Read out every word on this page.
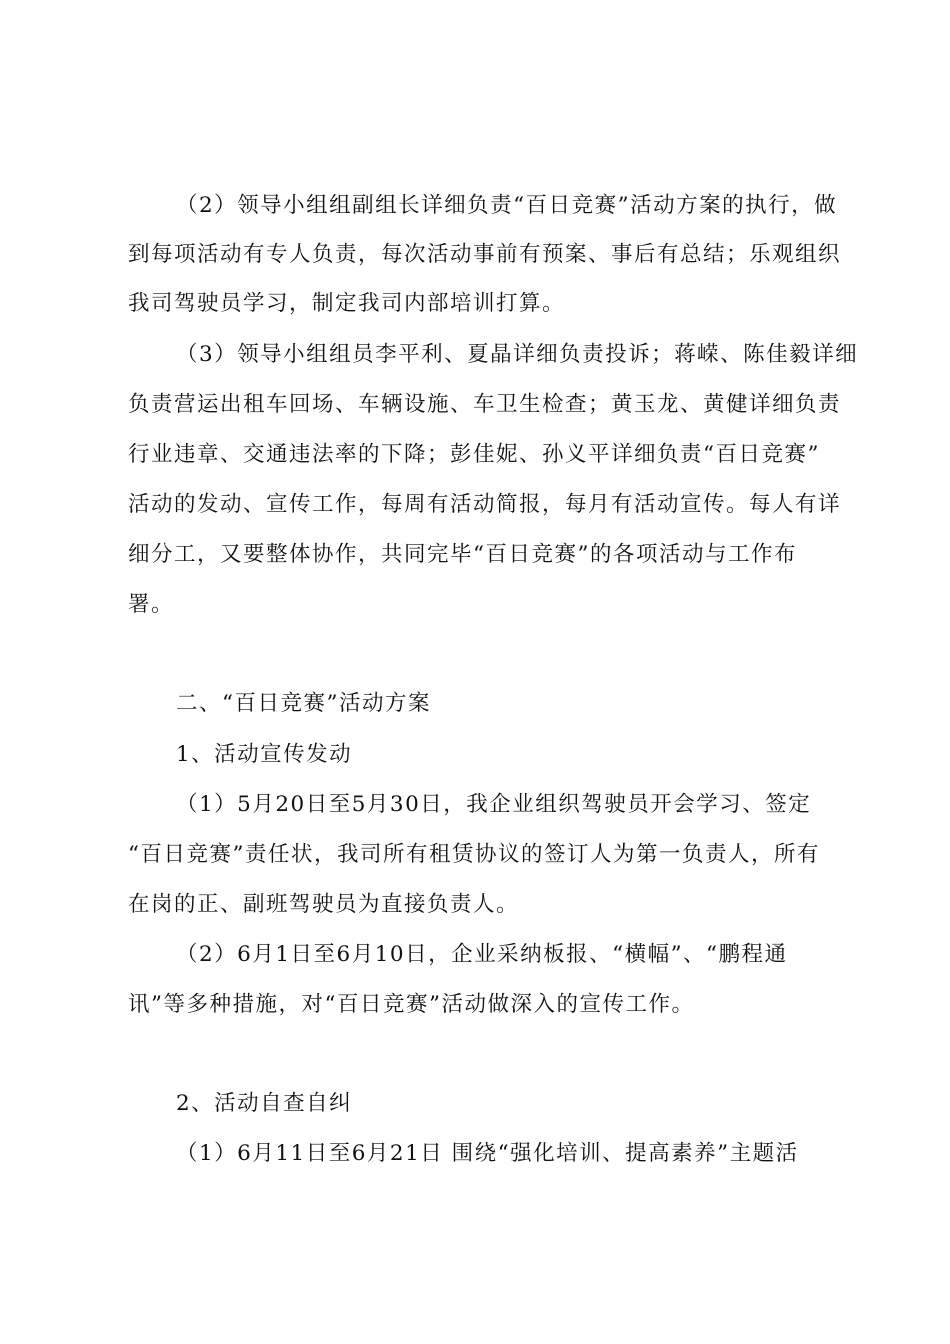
（2）领导小组组副组长详细负责“百日竞赛”活动方案的执行，做
到每项活动有专人负责，每次活动事前有预案、事后有总结；乐观组织
我司驾驶员学习，制定我司内部培训打算。
（3）领导小组组员李平利、夏晶详细负责投诉；蒋嵘、陈佳毅详细
负责营运出租车回场、车辆设施、车卫生检查；黄玉龙、黄健详细负责
行业违章、交通违法率的下降；彭佳妮、孙义平详细负责“百日竞赛”
活动的发动、宣传工作，每周有活动简报，每月有活动宣传。每人有详
细分工，又要整体协作，共同完毕“百日竞赛”的各项活动与工作布
署。
二、“百日竞赛”活动方案
1、活动宣传发动
（1）5月20日至5月30日，我企业组织驾驶员开会学习、签定
“百日竞赛”责任状，我司所有租赁协议的签订人为第一负责人，所有
在岗的正、副班驾驶员为直接负责人。
（2）6月1日至6月10日，企业采纳板报、“横幅”、“鹏程通
讯”等多种措施，对“百日竞赛”活动做深入的宣传工作。
2、活动自查自纠
（1）6月11日至6月21日 围绕“强化培训、提高素养”主题活
